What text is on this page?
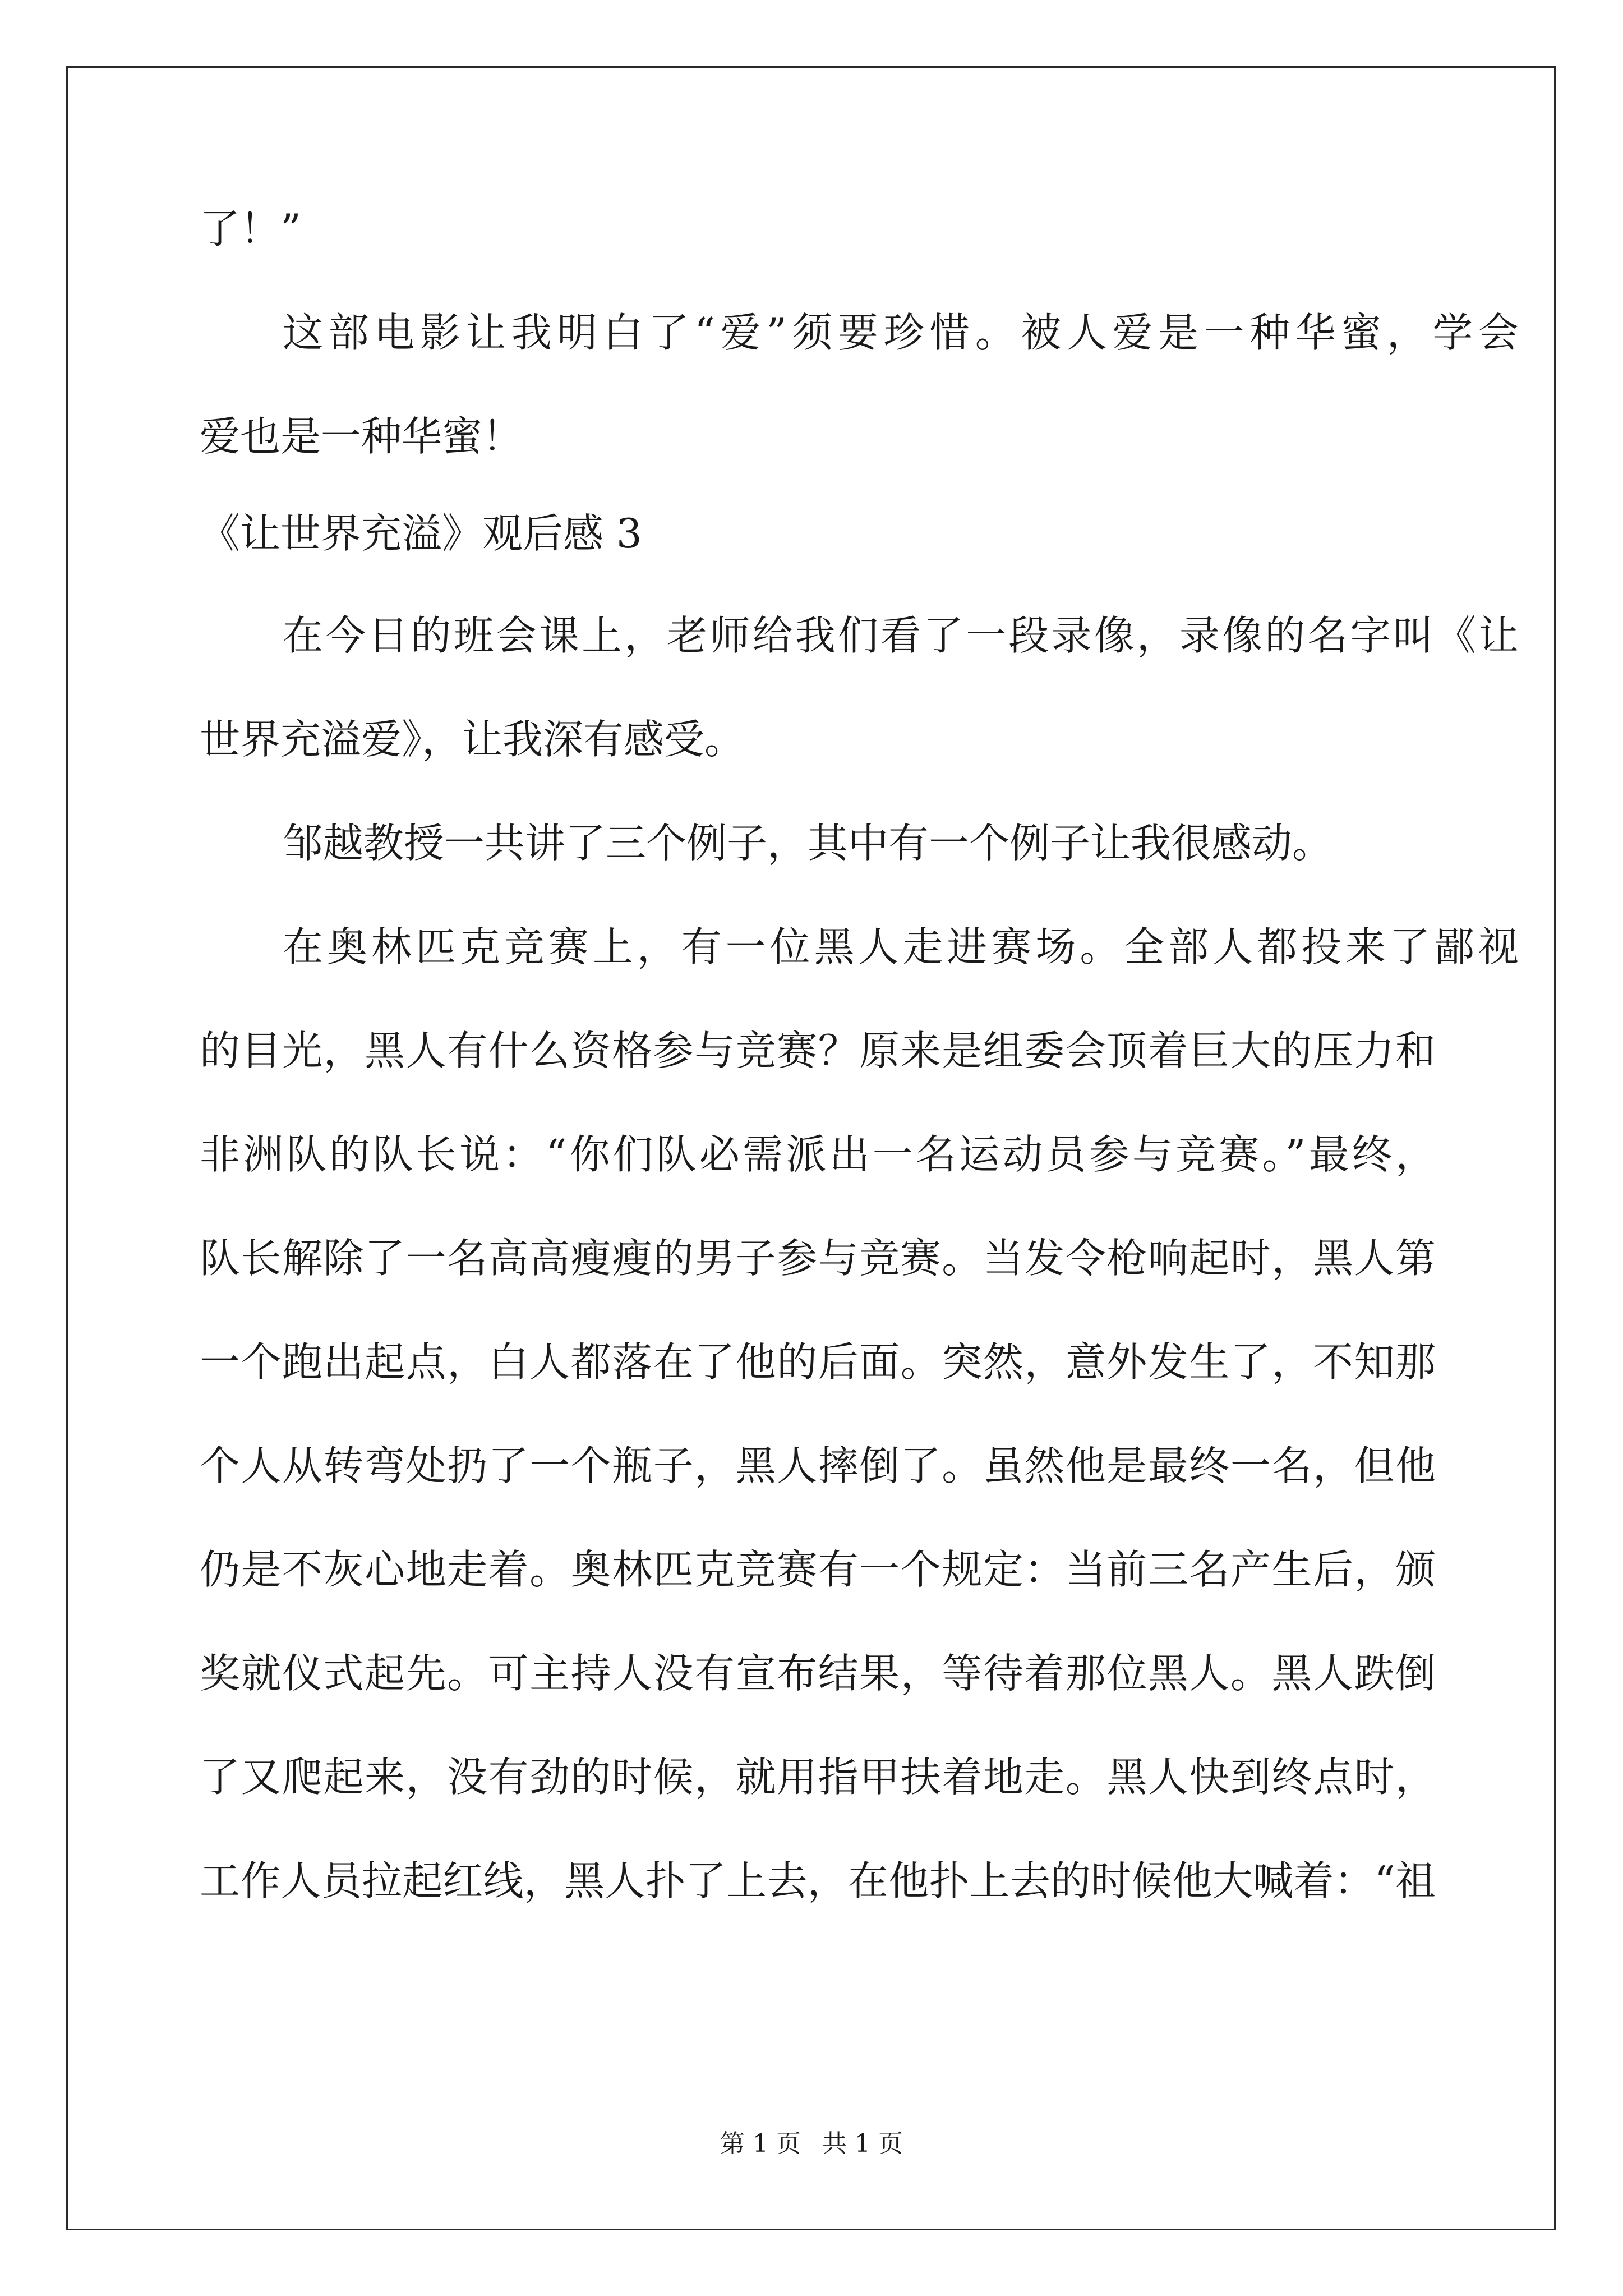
了！”
这部电影让我明白了“爱”须要珍惜。被人爱是一种华蜜，学会
爱也是一种华蜜！
《让世界充溢》观后感 3
在今日的班会课上，老师给我们看了一段录像，录像的名字叫《让
世界充溢爱》，让我深有感受。
邹越教授一共讲了三个例子，其中有一个例子让我很感动。
在奥林匹克竞赛上，有一位黑人走进赛场。全部人都投来了鄙视
的目光，黑人有什么资格参与竞赛？原来是组委会顶着巨大的压力和
非洲队的队长说：“你们队必需派出一名运动员参与竞赛。”最终，
队长解除了一名高高瘦瘦的男子参与竞赛。当发令枪响起时，黑人第
一个跑出起点，白人都落在了他的后面。突然，意外发生了，不知那
个人从转弯处扔了一个瓶子，黑人摔倒了。虽然他是最终一名，但他
仍是不灰心地走着。奥林匹克竞赛有一个规定：当前三名产生后，颁
奖就仪式起先。可主持人没有宣布结果，等待着那位黑人。黑人跌倒
了又爬起来，没有劲的时候，就用指甲扶着地走。黑人快到终点时，
工作人员拉起红线，黑人扑了上去，在他扑上去的时候他大喊着：“祖
第 1 页 共 1 页
